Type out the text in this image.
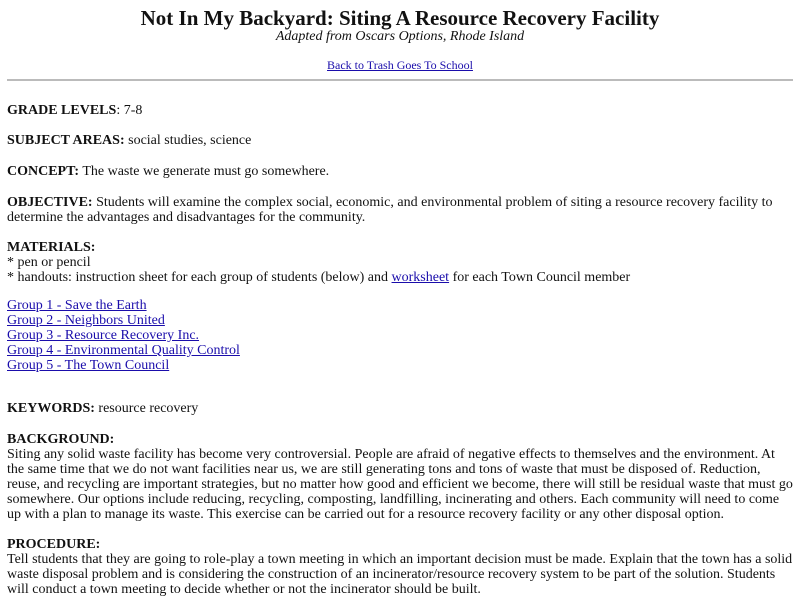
Not In My Backyard: Siting A Resource Recovery Facility
Adapted from Oscars Options, Rhode Island
Back to Trash Goes To School

GRADE LEVELS: 7-8

SUBJECT AREAS: social studies, science

CONCEPT: The waste we generate must go somewhere.

OBJECTIVE: Students will examine the complex social, economic, and environmental problem of siting a resource recovery facility to determine the advantages and disadvantages for the community.

MATERIALS:
* pen or pencil
* handouts: instruction sheet for each group of students (below) and worksheet for each Town Council member

Group 1 - Save the Earth
Group 2 - Neighbors United
Group 3 - Resource Recovery Inc.
Group 4 - Environmental Quality Control
Group 5 - The Town Council

KEYWORDS: resource recovery

BACKGROUND:
Siting any solid waste facility has become very controversial. People are afraid of negative effects to themselves and the environment. At the same time that we do not want facilities near us, we are still generating tons and tons of waste that must be disposed of. Reduction, reuse, and recycling are important strategies, but no matter how good and efficient we become, there will still be residual waste that must go somewhere. Our options include reducing, recycling, composting, landfilling, incinerating and others. Each community will need to come up with a plan to manage its waste. This exercise can be carried out for a resource recovery facility or any other disposal option.

PROCEDURE:
Tell students that they are going to role-play a town meeting in which an important decision must be made. Explain that the town has a solid waste disposal problem and is considering the construction of an incinerator/resource recovery system to be part of the solution. Students will conduct a town meeting to decide whether or not the incinerator should be built.
